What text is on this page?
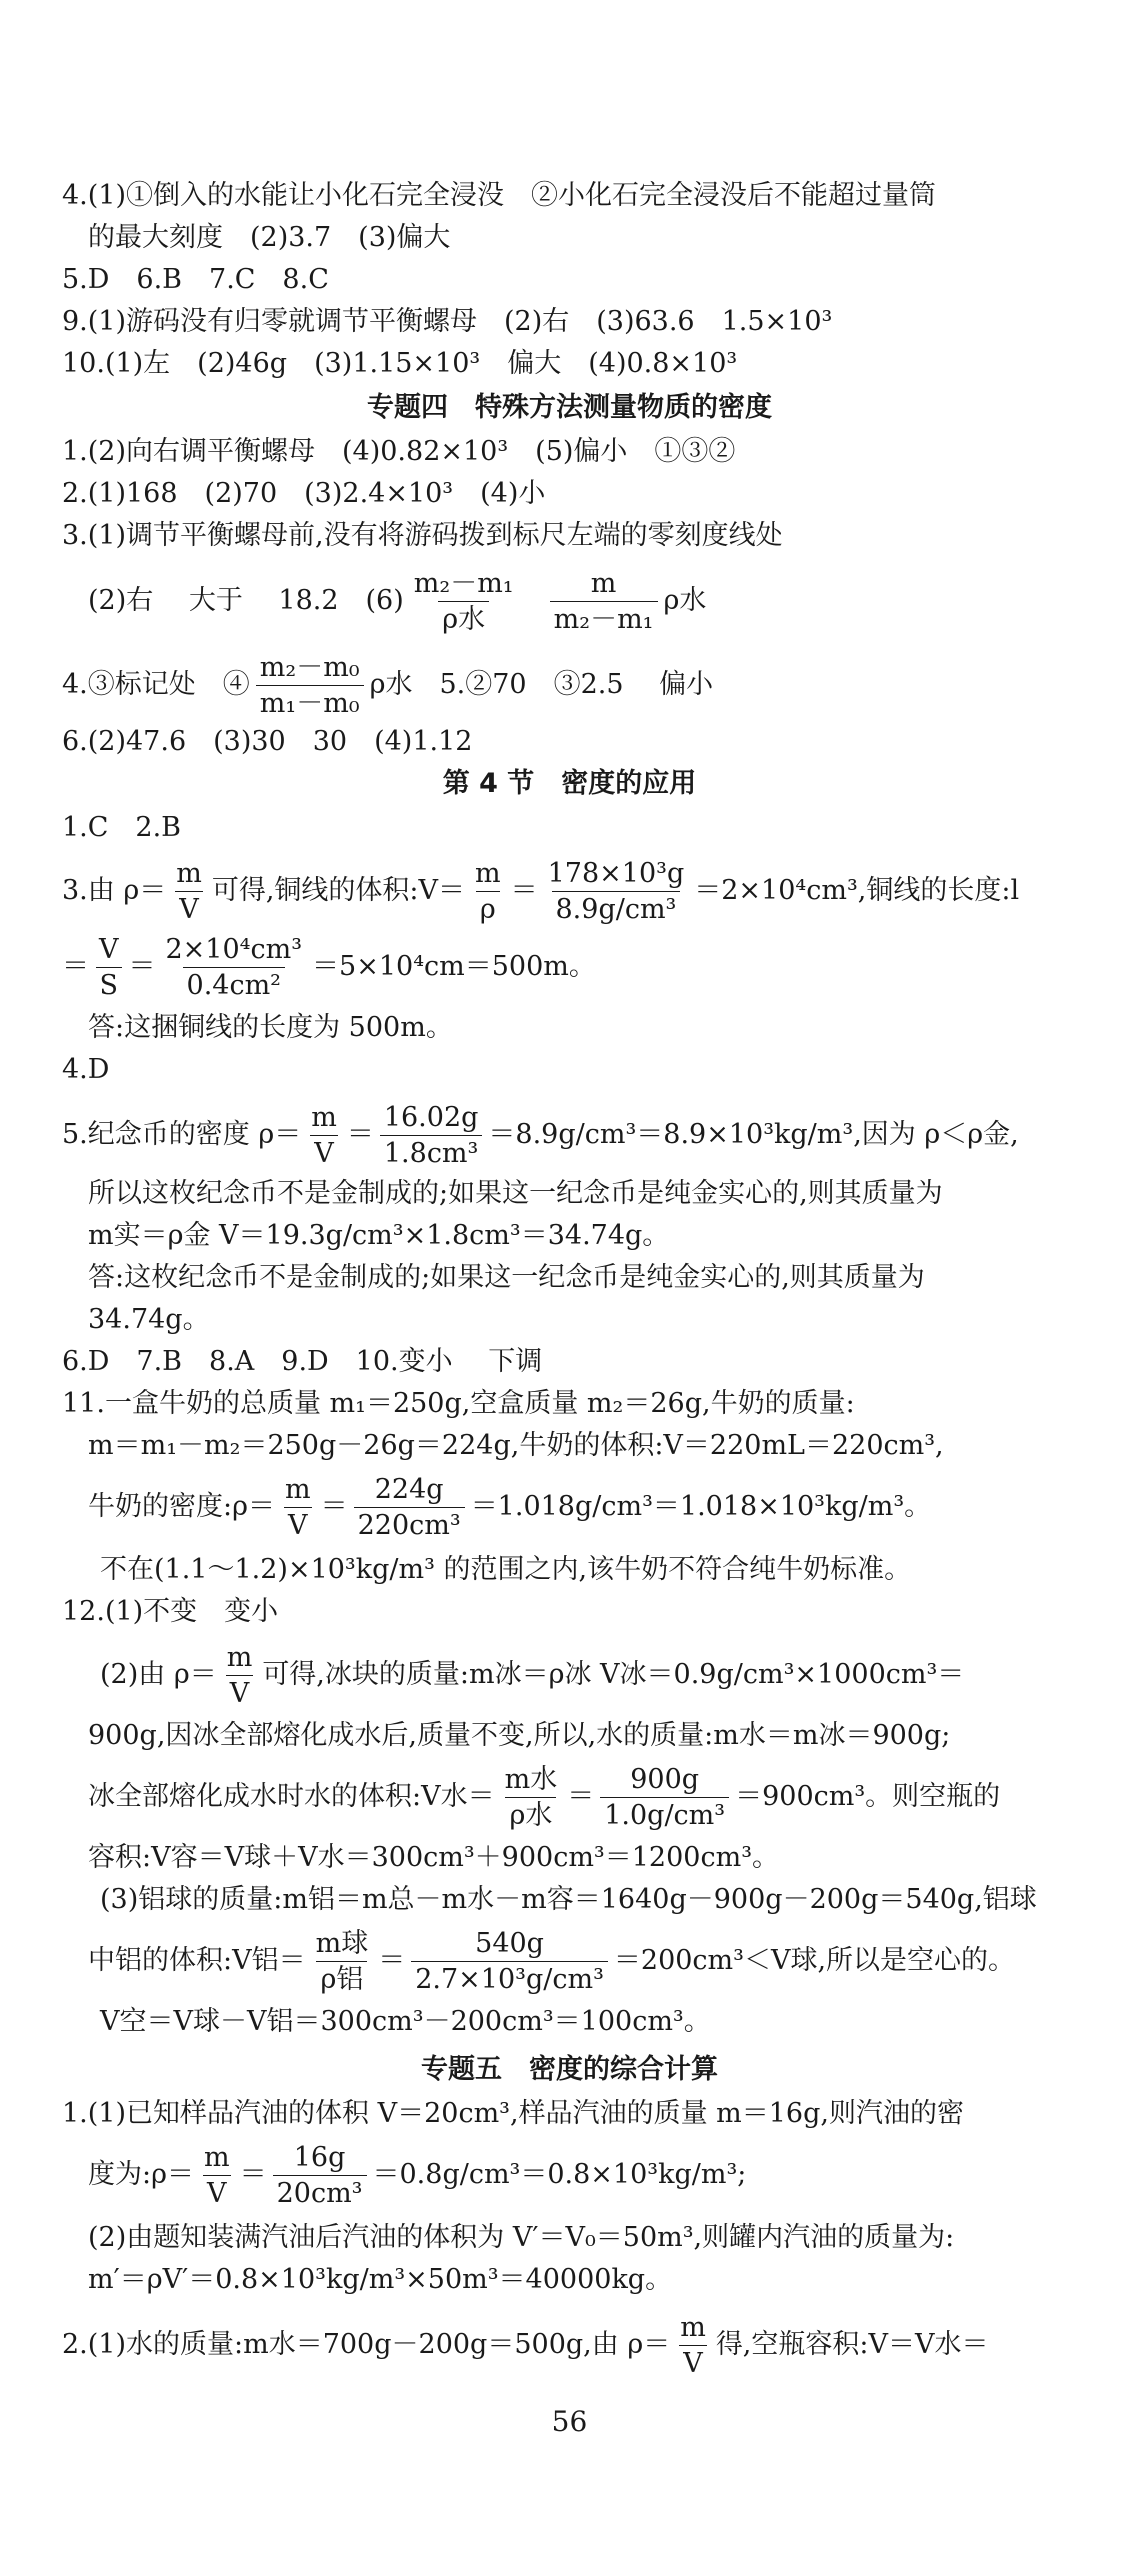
4.(1)①倒入的水能让小化石完全浸没　②小化石完全浸没后不能超过量筒
的最大刻度　(2)3.7　(3)偏大
5.D　6.B　7.C　8.C
9.(1)游码没有归零就调节平衡螺母　(2)右　(3)63.6　1.5×10³
10.(1)左　(2)46g　(3)1.15×10³　偏大　(4)0.8×10³
专题四　特殊方法测量物质的密度
1.(2)向右调平衡螺母　(4)0.82×10³　(5)偏小　①③②
2.(1)168　(2)70　(3)2.4×10³　(4)小
3.(1)调节平衡螺母前,没有将游码拨到标尺左端的零刻度线处
(2)右　 大于　 18.2　(6)
m₂－m₁
ρ水 $\frac{m}{\text{m₂－m₁}}$ ρ水
4.③标记处　④ $\frac{\text{m₂－m₀}}{\text{m₁－m₀}}$ ρ水　5.②70　③2.5　 偏小
6.(2)47.6　(3)30　30　(4)1.12
第 4 节　密度的应用
1.C　2.B
3.由 $\rho= \frac{m}{V}$ 可得,铜线的体积:V＝ $\frac{m}{\rho} = \frac{\text{178×10³g}}{\text{8.9g/cm³}} =2\times 10^4cm^3$,铜线的长度:l
＝ $\frac{V}{S} = \frac{\text{2×10⁴cm³}}{\text{0.4cm²}} =5\times 10^4cm=500m$。
答:这捆铜线的长度为 500m。
4.D
5.纪念币的密度 $\rho= \frac{m}{V} = \frac{16.02g}{\text{1.8cm³}} =8.9g/cm^3=8.9\times 10^3kg/m^3$,因为 ρ＜ρ金,
所以这枚纪念币不是金制成的;如果这一纪念币是纯金实心的,则其质量为
m实＝ρ金 V＝19.3g/cm³×1.8cm³＝34.74g。
答:这枚纪念币不是金制成的;如果这一纪念币是纯金实心的,则其质量为
34.74g。
6.D　7.B　8.A　9.D　10.变小　 下调
11.一盒牛奶的总质量 m₁＝250g,空盒质量 m₂＝26g,牛奶的质量:
m＝m₁－m₂＝250g－26g＝224g,牛奶的体积:V＝220mL＝220cm³,
牛奶的密度:ρ＝ $\frac{m}{V} = \frac{224g}{\text{220cm³}} =1.018g/cm^3=1.018\times 10^3kg/m^3$。
不在(1.1～1.2)×10³kg/m³ 的范围之内,该牛奶不符合纯牛奶标准。
12.(1)不变　变小
(2)由 $\rho= \frac{m}{V}$ 可得,冰块的质量:m冰＝ρ冰 V冰＝0.9g/cm³×1000cm³＝
900g,因冰全部熔化成水后,质量不变,所以,水的质量:m水＝m冰＝900g;
冰全部熔化成水时水的体积:V水＝
m水
ρ水
＝ $\frac{900g}{\text{1.0g/cm³}} =900cm^3$。则空瓶的
容积:V容＝V球＋V水＝300cm³＋900cm³＝1200cm³。
(3)铝球的质量:m铝＝m总－m水－m容＝1640g－900g－200g＝540g,铝球
中铝的体积:V铝＝
m球
ρ铝
＝ $\frac{540g}{\text{2.7×10³g/cm³}} =200cm^3<V$球,所以是空心的。
V空＝V球－V铝＝300cm³－200cm³＝100cm³。
专题五　密度的综合计算
1.(1)已知样品汽油的体积 V＝20cm³,样品汽油的质量 m＝16g,则汽油的密
度为:ρ＝ $\frac{m}{V} = \frac{16g}{\text{20cm³}} =0.8g/cm^3=0.8\times 10^3kg/m^3$;
(2)由题知装满汽油后汽油的体积为 V′＝V₀＝50m³,则罐内汽油的质量为:
m′＝ρV′＝0.8×10³kg/m³×50m³＝40000kg。
2.(1)水的质量:m水＝700g－200g＝500g,由 $\rho= \frac{m}{V}$ 得,空瓶容积:V＝V水＝
56
